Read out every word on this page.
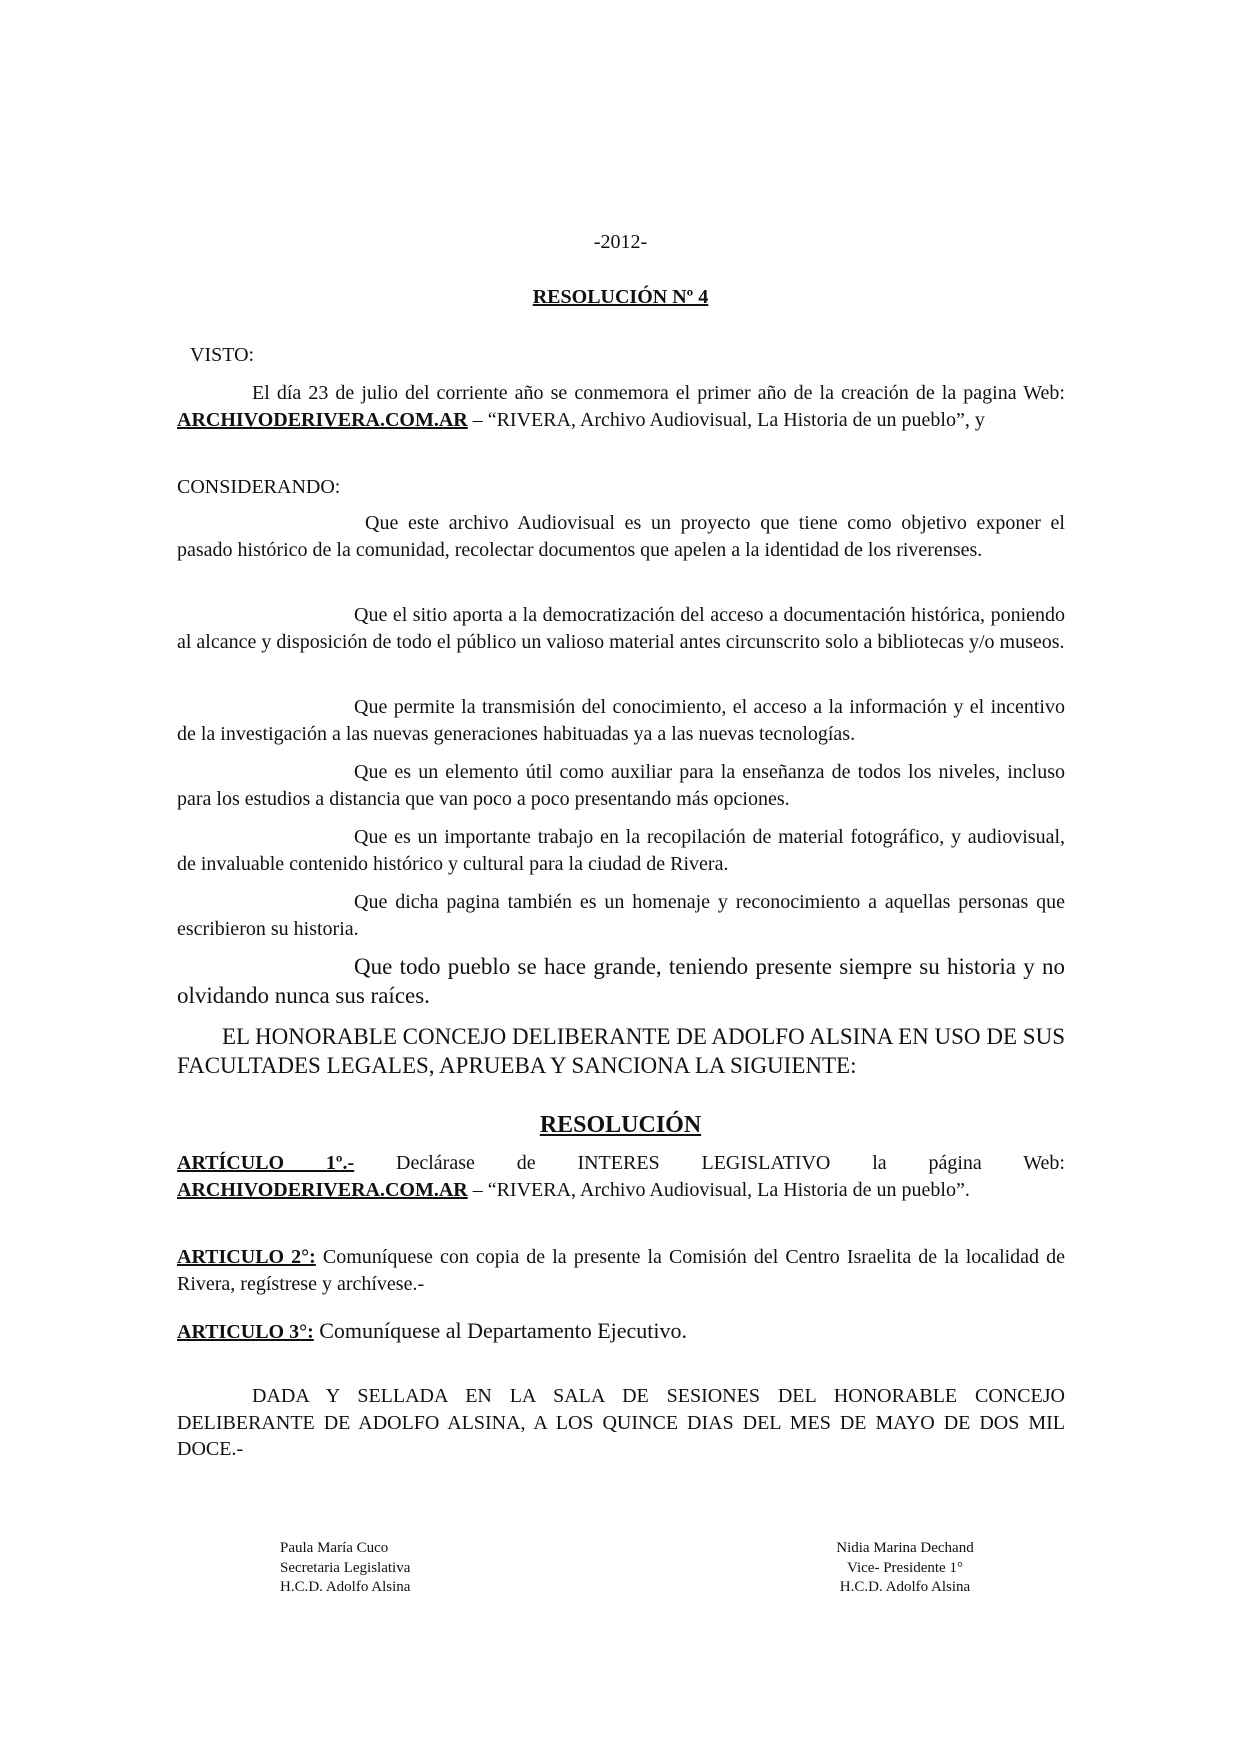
-2012-
RESOLUCIÓN Nº 4
VISTO:
El día 23 de julio del corriente año se conmemora el primer año de la creación de la pagina Web: ARCHIVODERIVERA.COM.AR – “RIVERA, Archivo Audiovisual, La Historia de un pueblo”, y
CONSIDERANDO:
Que este archivo Audiovisual es un proyecto que tiene como objetivo exponer el pasado histórico de la comunidad, recolectar documentos que apelen a la identidad de los riverenses.
Que el sitio aporta a la democratización del acceso a documentación histórica, poniendo al alcance y disposición de todo el público un valioso material antes circunscrito solo a bibliotecas y/o museos.
Que permite la transmisión del conocimiento, el acceso a la información y el incentivo de la investigación a las nuevas generaciones habituadas ya a las nuevas tecnologías.
Que es un elemento útil como auxiliar para la enseñanza de todos los niveles, incluso para los estudios a distancia que van poco a poco presentando más opciones.
Que es un importante trabajo en la recopilación de material fotográfico, y audiovisual, de invaluable contenido histórico y cultural para la ciudad de Rivera.
Que dicha pagina también es un homenaje y reconocimiento a aquellas personas que escribieron su historia.
Que todo pueblo se hace grande, teniendo presente siempre su historia y no olvidando nunca sus raíces.
EL HONORABLE CONCEJO DELIBERANTE DE ADOLFO ALSINA EN USO DE SUS FACULTADES LEGALES, APRUEBA Y SANCIONA LA SIGUIENTE:
RESOLUCIÓN
ARTÍCULO 1º.- Declárase de INTERES LEGISLATIVO la página Web: ARCHIVODERIVERA.COM.AR – “RIVERA, Archivo Audiovisual, La Historia de un pueblo”.
ARTICULO 2°: Comuníquese con copia de la presente la Comisión del Centro Israelita de la localidad de Rivera, regístrese y archívese.-
ARTICULO 3°: Comuníquese al Departamento Ejecutivo.
DADA Y SELLADA EN LA SALA DE SESIONES DEL HONORABLE CONCEJO DELIBERANTE DE ADOLFO ALSINA, A LOS QUINCE DIAS DEL MES DE MAYO DE DOS MIL DOCE.-
Paula María Cuco
Secretaria Legislativa
H.C.D. Adolfo Alsina
Nidia Marina Dechand
Vice- Presidente 1°
H.C.D. Adolfo Alsina
